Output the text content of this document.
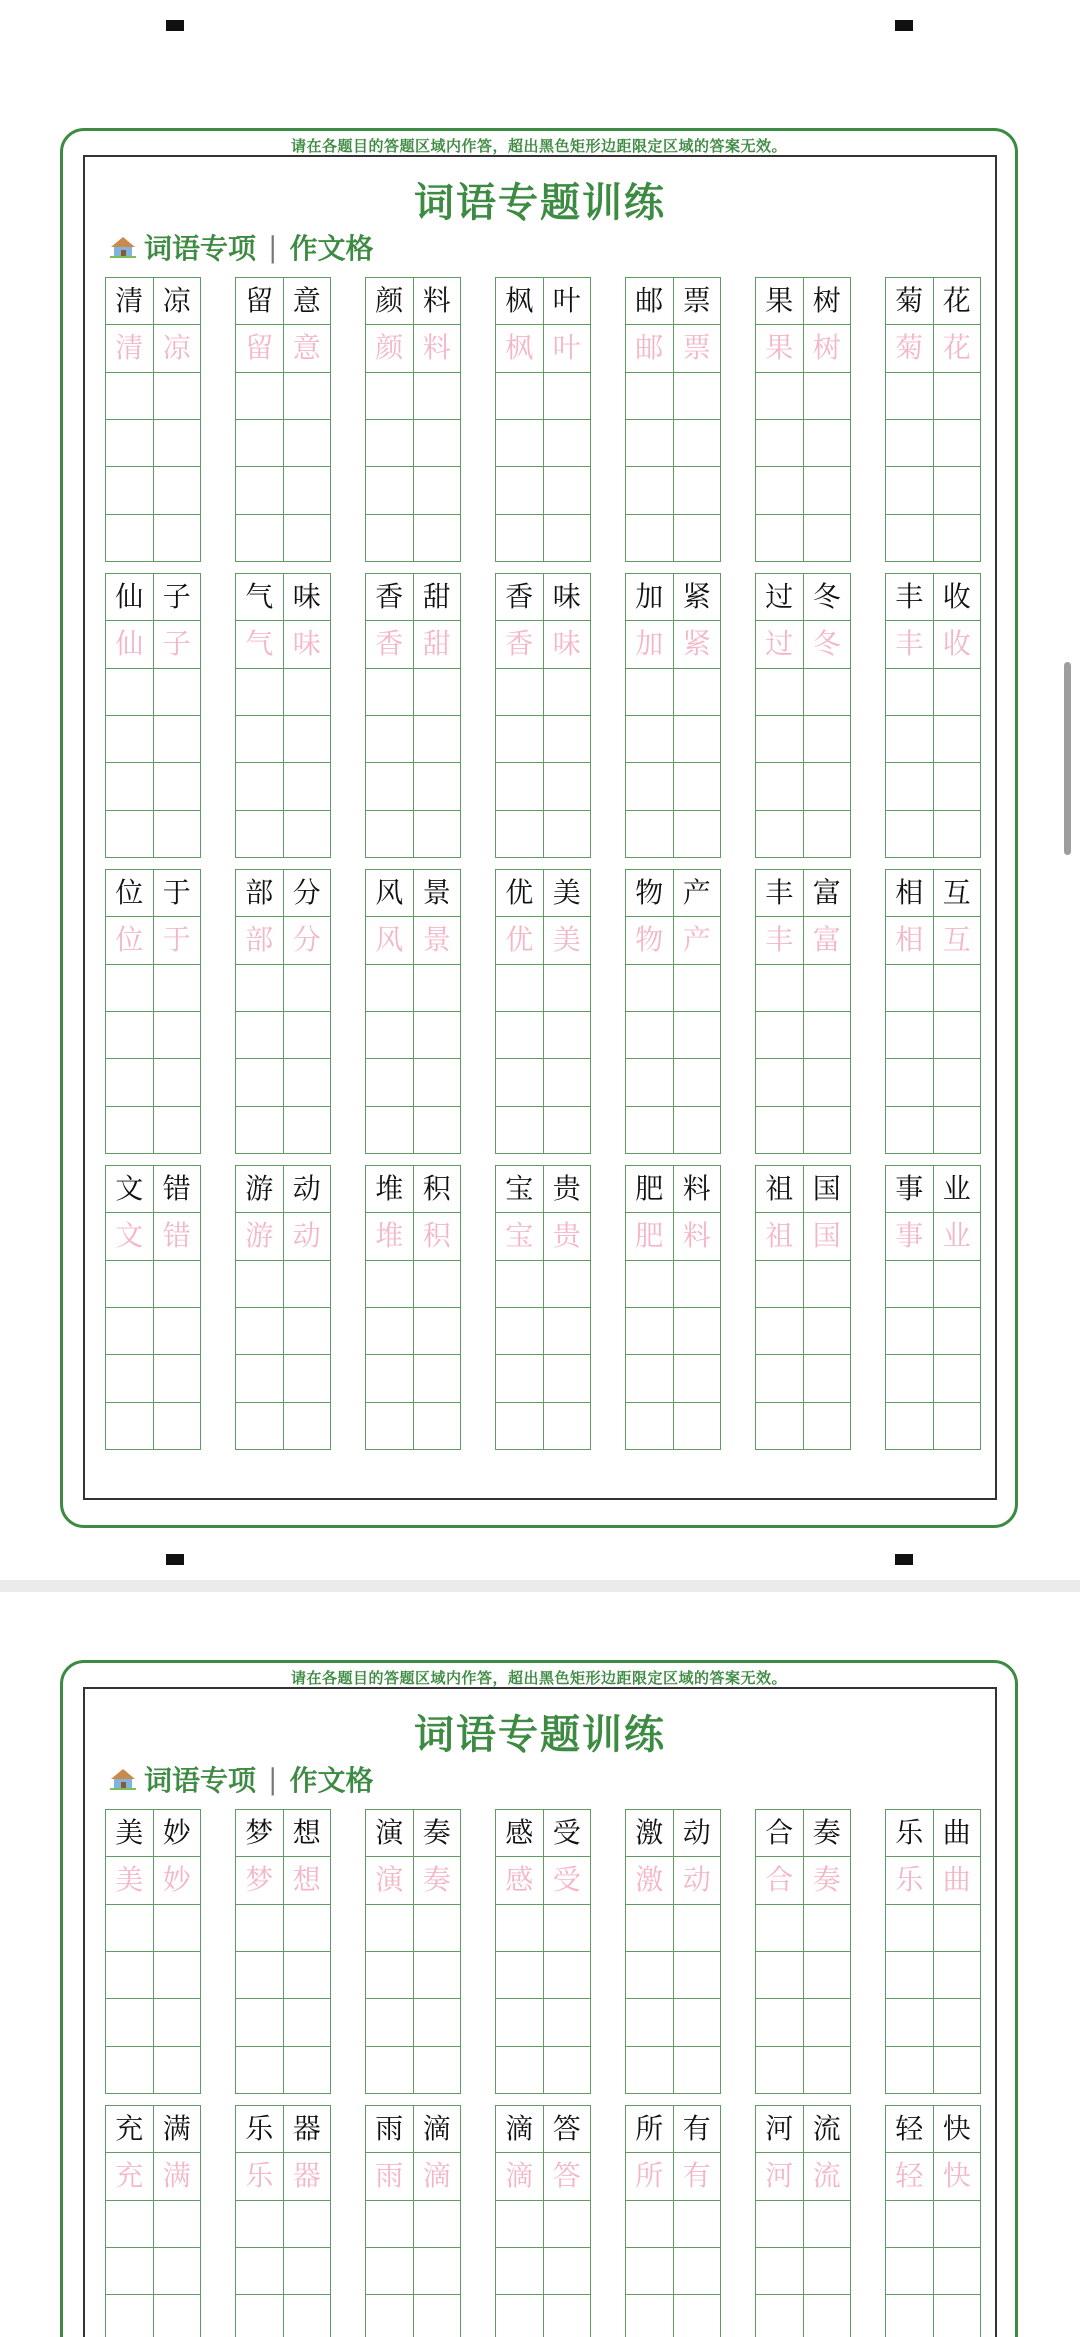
请在各题目的答题区域内作答，超出黑色矩形边距限定区域的答案无效。
词语专题训练
词语专项 | 作文格
清 凉
清 凉
留 意
留 意
颜 料
颜 料
枫 叶
枫 叶
邮 票
邮 票
果 树
果 树
菊 花
菊 花
仙 子
仙 子
气 味
气 味
香 甜
香 甜
香 味
香 味
加 紧
加 紧
过 冬
过 冬
丰 收
丰 收
位 于
位 于
部 分
部 分
风 景
风 景
优 美
优 美
物 产
物 产
丰 富
丰 富
相 互
相 互
文 错
文 错
游 动
游 动
堆 积
堆 积
宝 贵
宝 贵
肥 料
肥 料
祖 国
祖 国
事 业
事 业
请在各题目的答题区域内作答，超出黑色矩形边距限定区域的答案无效。
词语专题训练
词语专项 | 作文格
美 妙
美 妙
梦 想
梦 想
演 奏
演 奏
感 受
感 受
激 动
激 动
合 奏
合 奏
乐 曲
乐 曲
充 满
充 满
乐 器
乐 器
雨 滴
雨 滴
滴 答
滴 答
所 有
所 有
河 流
河 流
轻 快
轻 快
